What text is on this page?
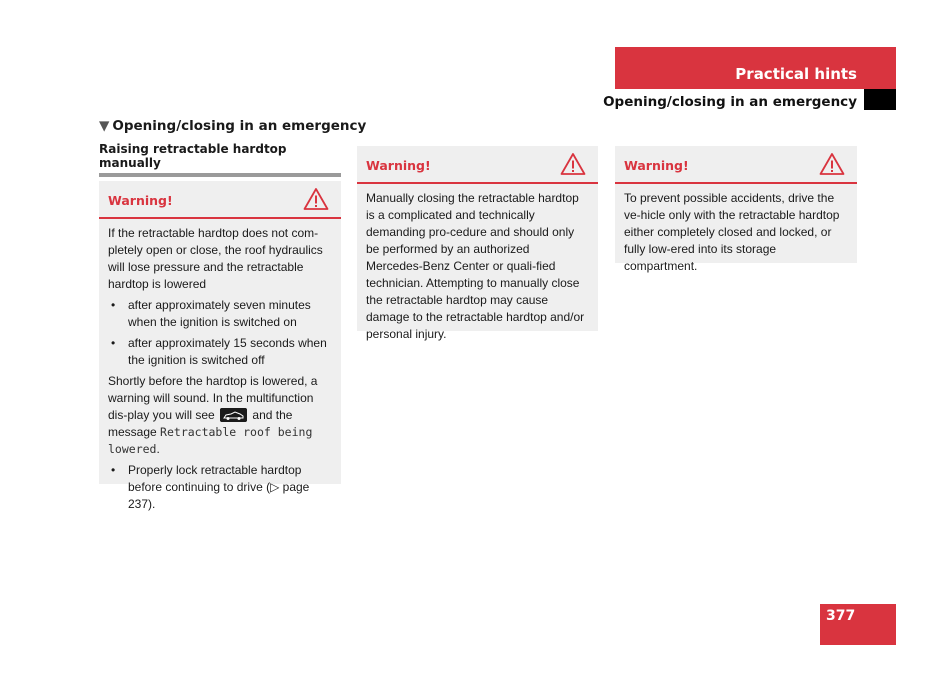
Practical hints
Opening/closing in an emergency
▼ Opening/closing in an emergency
Raising retractable hardtop manually
Warning!

If the retractable hardtop does not com-pletely open or close, the roof hydraulics will lose pressure and the retractable hardtop is lowered

• after approximately seven minutes when the ignition is switched on
• after approximately 15 seconds when the ignition is switched off

Shortly before the hardtop is lowered, a warning will sound. In the multifunction dis-play you will see	and the message Retractable roof being lowered.

• Properly lock retractable hardtop before continuing to drive (▷ page 237).
Warning!

Manually closing the retractable hardtop is a complicated and technically demanding pro-cedure and should only be performed by an authorized Mercedes-Benz Center or quali-fied technician. Attempting to manually close the retractable hardtop may cause damage to the retractable hardtop and/or personal injury.

Warning!

To prevent possible accidents, drive the ve-hicle only with the retractable hardtop either completely closed and locked, or fully low-ered into its storage compartment.

377
